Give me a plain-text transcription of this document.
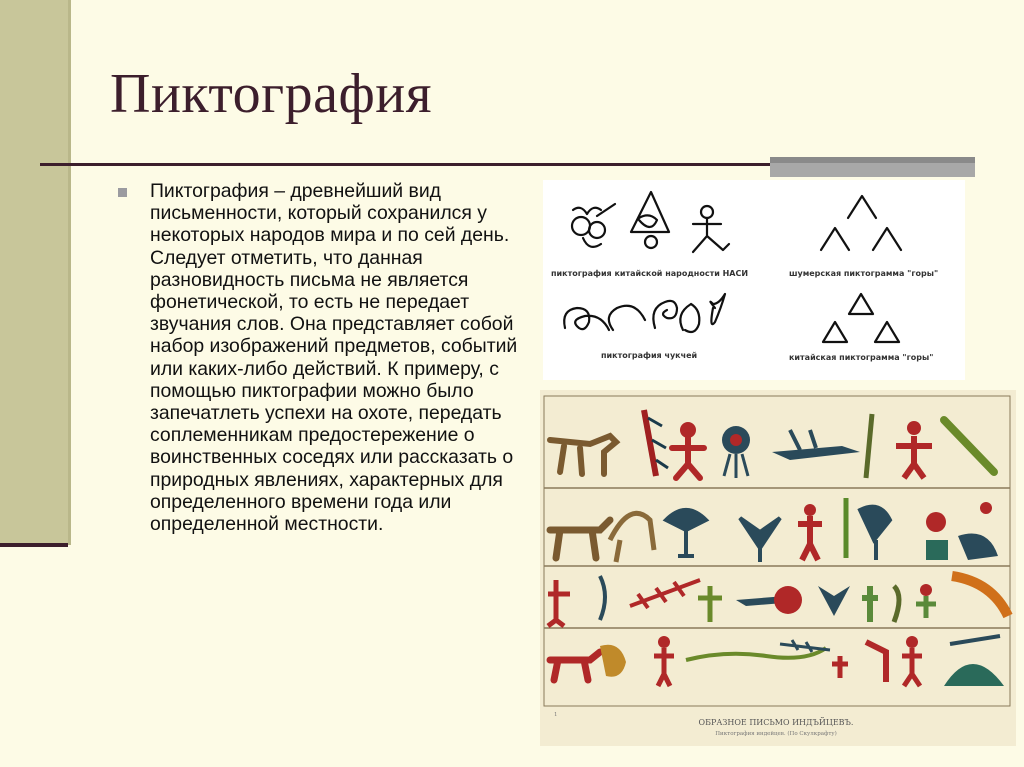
Пиктография

Пиктография – древнейший вид письменности, который сохранился у некоторых народов мира и по сей день. Следует отметить, что данная разновидность письма не является фонетической, то есть не передает звучания слов. Она представляет собой набор изображений предметов, событий или каких-либо действий. К примеру, с помощью пиктографии можно было запечатлеть успехи на охоте, передать соплеменникам предостережение о воинственных соседях или рассказать о природных явлениях, характерных для определенного времени года или определенной местности.

пиктография китайской народности НАСИ	шумерская пиктограмма "горы"
пиктография чукчей	китайская пиктограмма "горы"
1
ОБРАЗНОЕ ПИСЬМО ИНДЪЙЦЕВЪ.
Пиктография индейцев. (По Скулкрафту)
